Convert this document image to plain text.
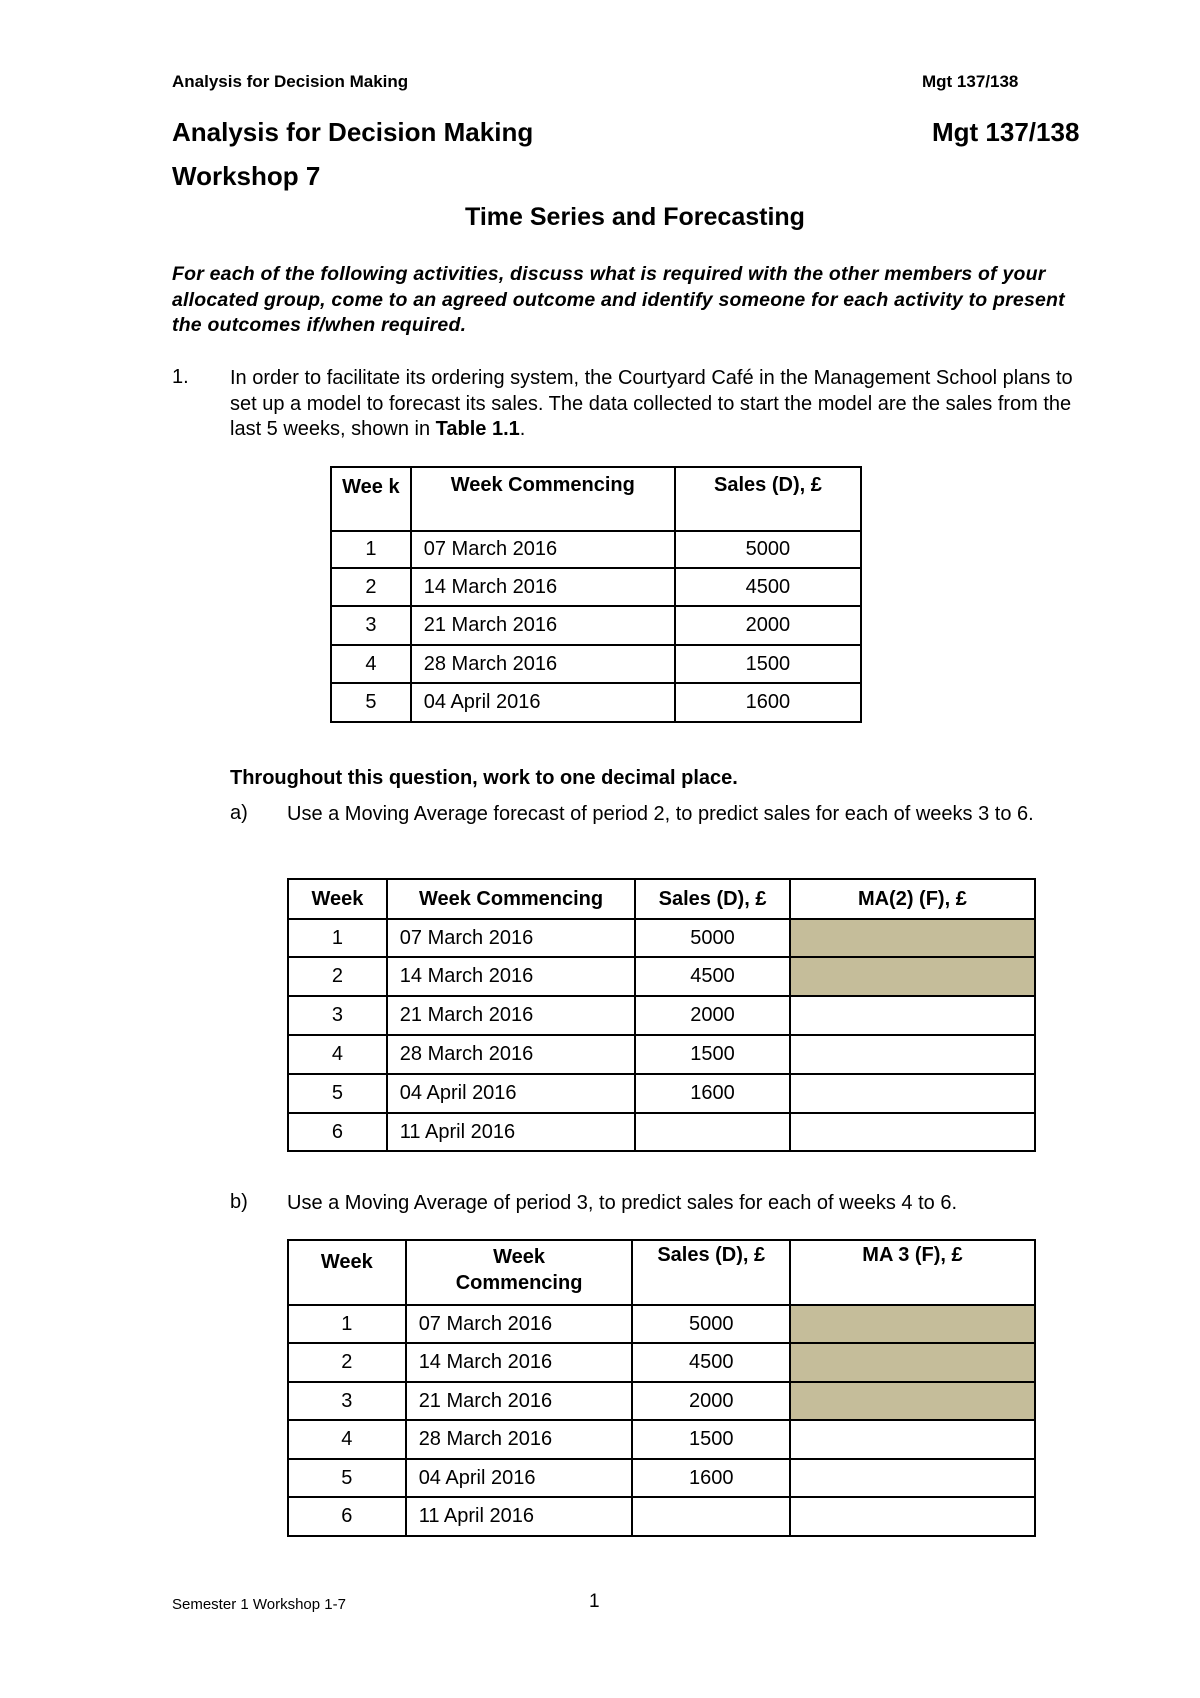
Analysis for Decision Making	Mgt 137/138
Analysis for Decision Making	Mgt 137/138
Workshop 7
Time Series and Forecasting
For each of the following activities, discuss what is required with the other members of your allocated group, come to an agreed outcome and identify someone for each activity to present the outcomes if/when required.
1. In order to facilitate its ordering system, the Courtyard Café in the Management School plans to set up a model to forecast its sales. The data collected to start the model are the sales from the last 5 weeks, shown in Table 1.1.
Wee k	Week Commencing	Sales (D), £
1	07 March 2016	5000
2	14 March 2016	4500
3	21 March 2016	2000
4	28 March 2016	1500
5	04 April 2016	1600
Throughout this question, work to one decimal place.
a) Use a Moving Average forecast of period 2, to predict sales for each of weeks 3 to 6.
Week	Week Commencing	Sales (D), £	MA(2) (F), £
1	07 March 2016	5000	
2	14 March 2016	4500	
3	21 March 2016	2000	
4	28 March 2016	1500	
5	04 April 2016	1600	
6	11 April 2016		
b) Use a Moving Average of period 3, to predict sales for each of weeks 4 to 6.
Week	Week Commencing	Sales (D), £	MA 3 (F), £
1	07 March 2016	5000	
2	14 March 2016	4500	
3	21 March 2016	2000	
4	28 March 2016	1500	
5	04 April 2016	1600	
6	11 April 2016		
Semester 1 Workshop 1-7	1
